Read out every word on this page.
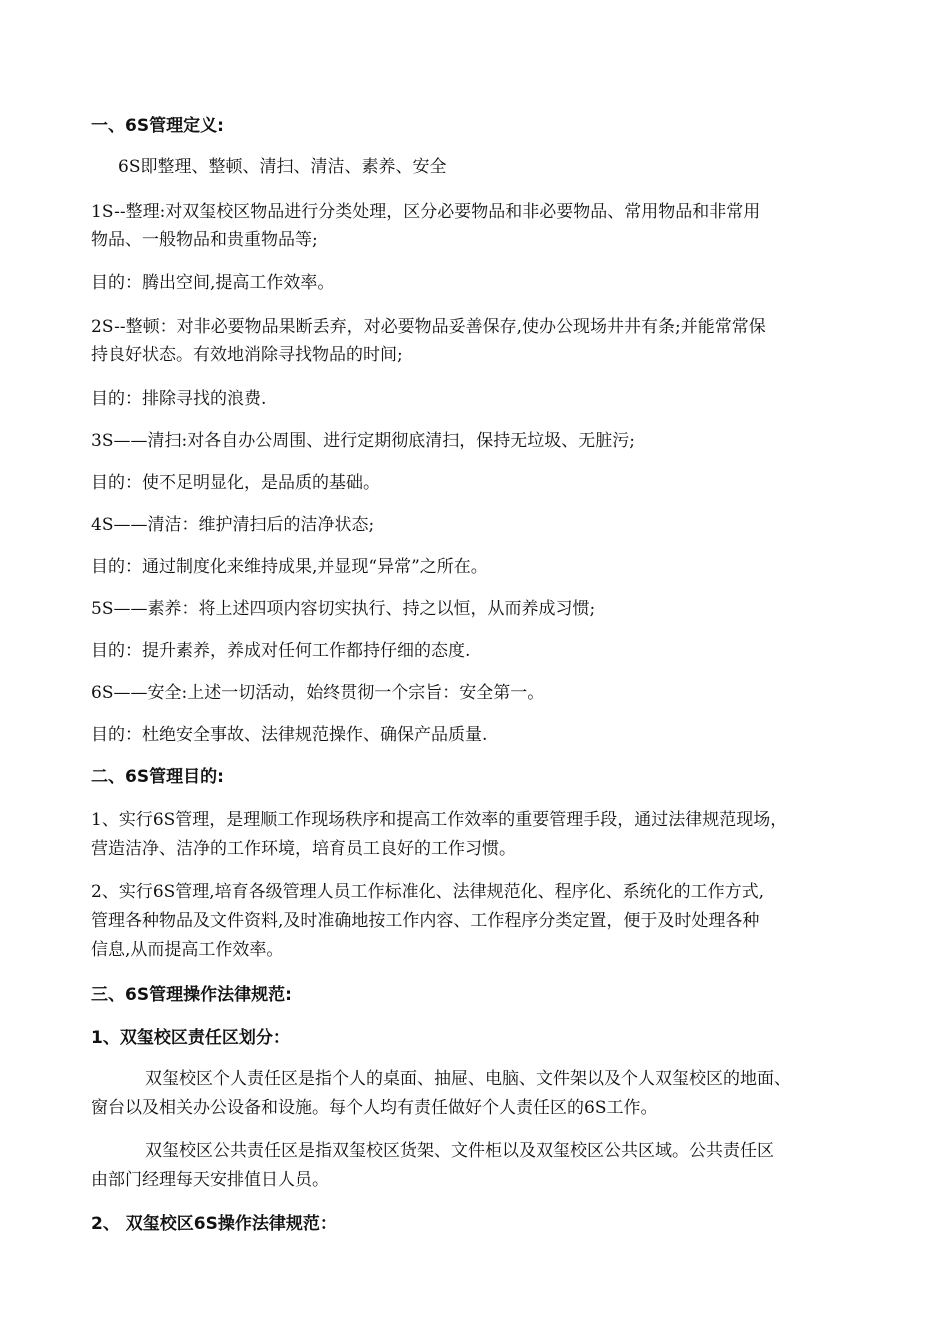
一、6S管理定义:
6S即整理、整顿、清扫、清洁、素养、安全
1S--整理:对双玺校区物品进行分类处理，区分必要物品和非必要物品、常用物品和非常用
物品、一般物品和贵重物品等;
目的：腾出空间,提高工作效率。
2S--整顿：对非必要物品果断丢弃，对必要物品妥善保存,使办公现场井井有条;并能常常保
持良好状态。有效地消除寻找物品的时间;
目的：排除寻找的浪费.
3S——清扫:对各自办公周围、进行定期彻底清扫，保持无垃圾、无脏污;
目的：使不足明显化，是品质的基础。
4S——清洁：维护清扫后的洁净状态;
目的：通过制度化来维持成果,并显现“异常”之所在。
5S——素养：将上述四项内容切实执行、持之以恒，从而养成习惯;
目的：提升素养，养成对任何工作都持仔细的态度.
6S——安全:上述一切活动，始终贯彻一个宗旨：安全第一。
目的：杜绝安全事故、法律规范操作、确保产品质量.
二、6S管理目的:
1、实行6S管理，是理顺工作现场秩序和提高工作效率的重要管理手段，通过法律规范现场，
营造洁净、洁净的工作环境，培育员工良好的工作习惯。
2、实行6S管理,培育各级管理人员工作标准化、法律规范化、程序化、系统化的工作方式,
管理各种物品及文件资料,及时准确地按工作内容、工作程序分类定置，便于及时处理各种
信息,从而提高工作效率。
三、6S管理操作法律规范:
1、双玺校区责任区划分：
双玺校区个人责任区是指个人的桌面、抽屉、电脑、文件架以及个人双玺校区的地面、
窗台以及相关办公设备和设施。每个人均有责任做好个人责任区的6S工作。
双玺校区公共责任区是指双玺校区货架、文件柜以及双玺校区公共区域。公共责任区
由部门经理每天安排值日人员。
2、 双玺校区6S操作法律规范：
